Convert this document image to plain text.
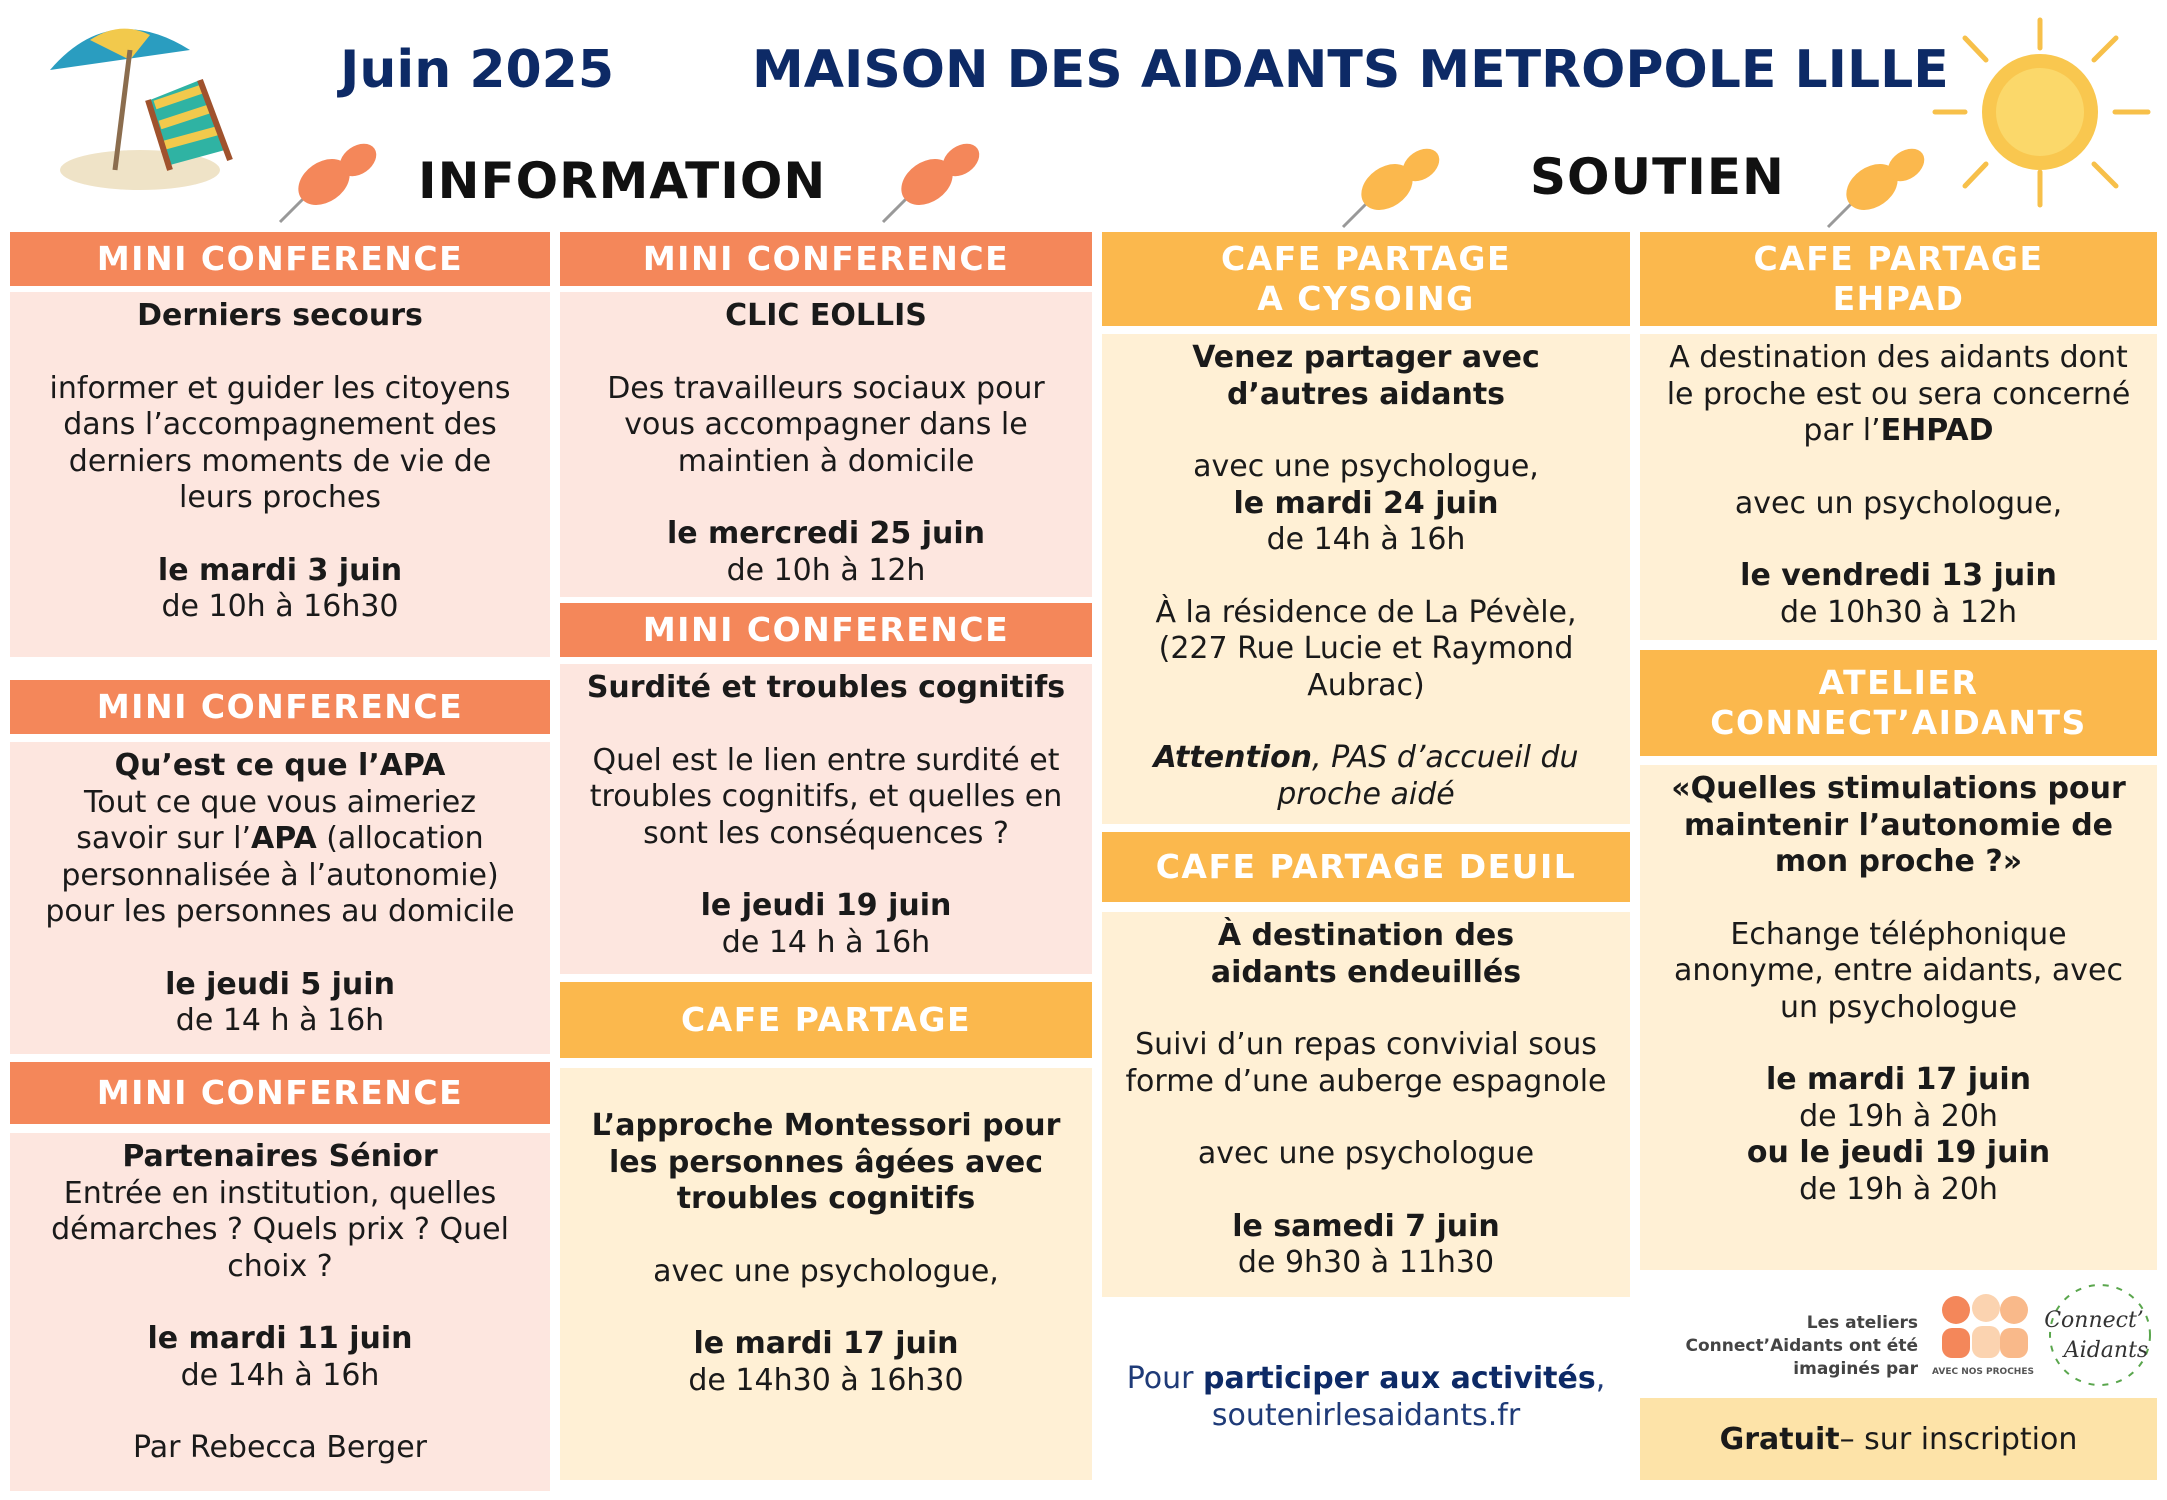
Juin 2025	MAISON DES AIDANTS METROPOLE LILLE
INFORMATION	SOUTIEN
MINI CONFERENCE
Derniers secours
informer et guider les citoyens dans l’accompagnement des derniers moments de vie de leurs proches
le mardi 3 juin
de 10h à 16h30
MINI CONFERENCE
Qu’est ce que l’APA
Tout ce que vous aimeriez savoir sur l’APA (allocation personnalisée à l’autonomie) pour les personnes au domicile
le jeudi 5 juin
de 14 h à 16h
MINI CONFERENCE
Partenaires Sénior
Entrée en institution, quelles démarches ? Quels prix ? Quel choix ?
le mardi 11 juin
de 14h à 16h
Par Rebecca Berger
MINI CONFERENCE
CLIC EOLLIS
Des travailleurs sociaux pour vous accompagner dans le maintien à domicile
le mercredi 25 juin
de 10h à 12h
MINI CONFERENCE
Surdité et troubles cognitifs
Quel est le lien entre surdité et troubles cognitifs, et quelles en sont les conséquences ?
le jeudi 19 juin
de 14 h à 16h
CAFE PARTAGE
L’approche Montessori pour les personnes âgées avec troubles cognitifs
avec une psychologue,
le mardi 17 juin
de 14h30 à 16h30
CAFE PARTAGE
A CYSOING
Venez partager avec d’autres aidants
avec une psychologue,
le mardi 24 juin
de 14h à 16h
À la résidence de La Pévèle, (227 Rue Lucie et Raymond Aubrac)
Attention, PAS d’accueil du proche aidé
CAFE PARTAGE DEUIL
À destination des aidants endeuillés
Suivi d’un repas convivial sous forme d’une auberge espagnole
avec une psychologue
le samedi 7 juin
de 9h30 à 11h30
Pour participer aux activités,
soutenirlesaidants.fr
CAFE PARTAGE
EHPAD
A destination des aidants dont le proche est ou sera concerné par l’EHPAD
avec un psychologue,
le vendredi 13 juin
de 10h30 à 12h
ATELIER
CONNECT’AIDANTS
«Quelles stimulations pour maintenir l’autonomie de mon proche ?»
Echange téléphonique anonyme, entre aidants, avec un psychologue
le mardi 17 juin
de 19h à 20h
ou le jeudi 19 juin
de 19h à 20h
Les ateliers Connect’Aidants ont été imaginés par AVEC NOS PROCHES
Connect’
Aidants
Gratuit – sur inscription
